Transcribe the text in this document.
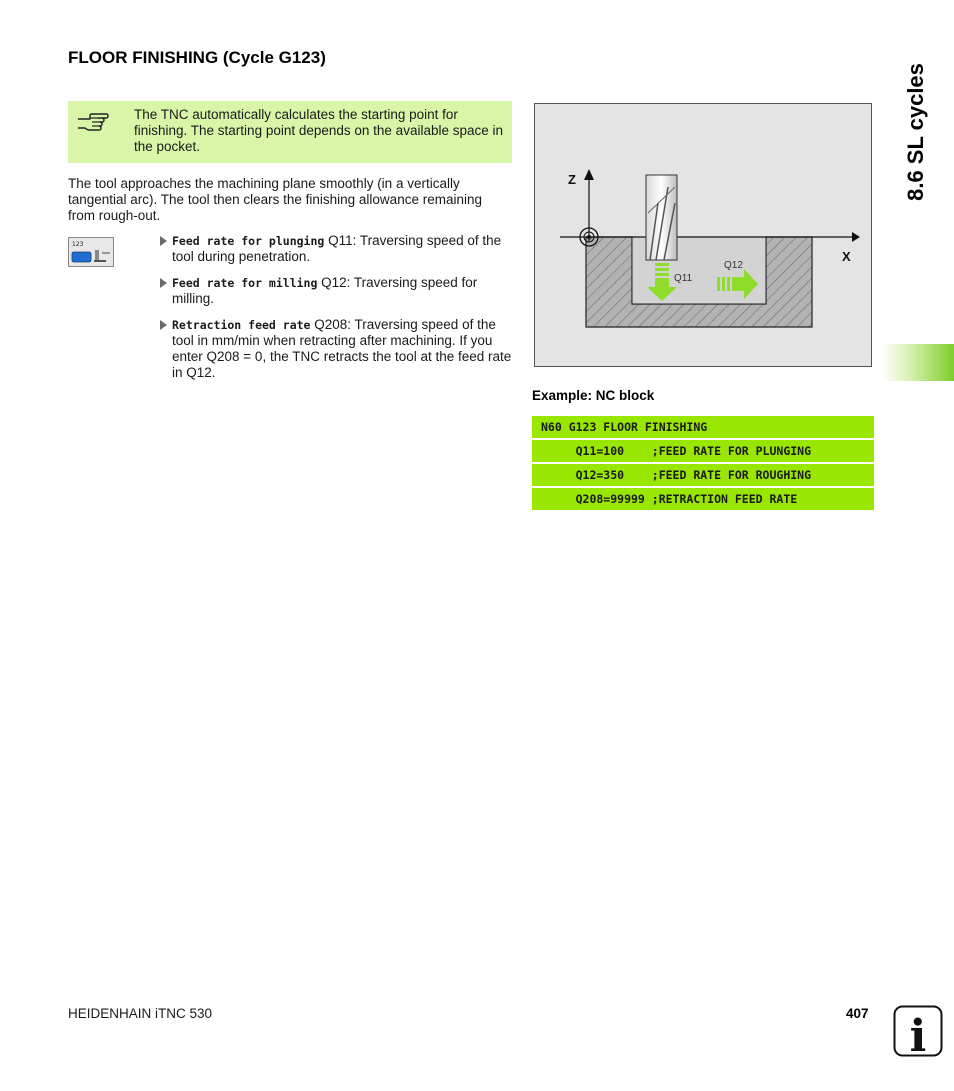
FLOOR FINISHING (Cycle G123)
The TNC automatically calculates the starting point for finishing. The starting point depends on the available space in the pocket.
The tool approaches the machining plane smoothly (in a vertically tangential arc). The tool then clears the finishing allowance remaining from rough-out.
123	Feed rate for plunging Q11: Traversing speed of the tool during penetration.
Feed rate for milling Q12: Traversing speed for milling.
Retraction feed rate Q208: Traversing speed of the tool in mm/min when retracting after machining. If you enter Q208 = 0, the TNC retracts the tool at the feed rate in Q12.
Z
X
Q11
Q12
Example: NC block
N60 G123 FLOOR FINISHING
Q11=100    ;FEED RATE FOR PLUNGING
Q12=350    ;FEED RATE FOR ROUGHING
Q208=99999 ;RETRACTION FEED RATE
8.6 SL cycles
HEIDENHAIN iTNC 530	407 i
